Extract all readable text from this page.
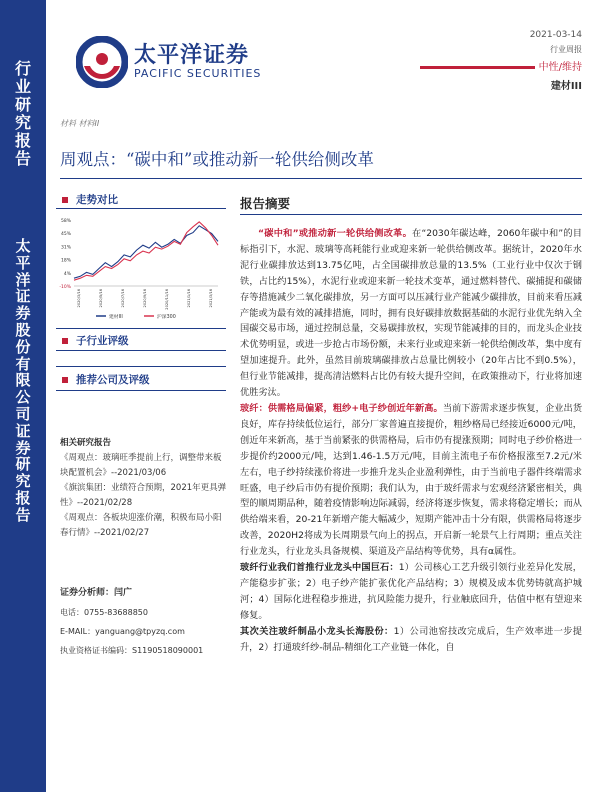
行
业
研
究
报
告
太
平
洋
证
券
股
份
有
限
公
司
证
券
研
究
报
告
太平洋证券
PACIFIC SECURITIES
2021-03-14
行业周报
中性/维持
建材III
材料 材料II
周观点：“碳中和”或推动新一轮供给侧改革
走势对比
58%
45%
31%
18%
4%
-10%
2020/3/16	2020/5/16	2020/7/16	2020/9/16	2020/11/16	2021/1/16	2021/3/16
建材III	沪深300
子行业评级
推荐公司及评级
相关研究报告
《周观点：玻璃旺季提前上行，调整带来板块配置机会》--2021/03/06
《旗滨集团：业绩符合预期，2021年更具弹性》--2021/02/28
《周观点：各板块迎涨价潮，积极布局小阳春行情》--2021/02/27
证券分析师：闫广
电话：0755-83688850
E-MAIL：yanguang@tpyzq.com
执业资格证书编码：S1190518090001
报告摘要

“碳中和”或推动新一轮供给侧改革。在“2030年碳达峰，2060年碳中和”的目标指引下，水泥、玻璃等高耗能行业或迎来新一轮供给侧改革。据统计，2020年水泥行业碳排放达到13.75亿吨，占全国碳排放总量的13.5%（工业行业中仅次于钢铁，占比约15%），水泥行业或迎来新一轮技术变革，通过燃料替代、碳捕捉和碳储存等措施减少二氧化碳排放，另一方面可以压减行业产能减少碳排放，目前来看压减产能或为最有效的减排措施，同时，拥有良好碳排放数据基础的水泥行业优先纳入全国碳交易市场，通过控制总量，交易碳排放权，实现节能减排的目的，而龙头企业技术优势明显，或进一步抢占市场份额，未来行业或迎来新一轮供给侧改革，集中度有望加速提升。此外，虽然目前玻璃碳排放占总量比例较小（20年占比不到0.5%），但行业节能减排，提高清洁燃料占比仍有较大提升空间，在政策推动下，行业将加速优胜劣汰。

玻纤：供需格局偏紧，粗纱+电子纱创近年新高。当前下游需求逐步恢复，企业出货良好，库存持续低位运行，部分厂家普遍直接提价，粗纱格局已经接近6000元/吨，创近年来新高，基于当前紧张的供需格局，后市仍有提涨预期；同时电子纱价格进一步提价约2000元/吨，达到1.46-1.5万元/吨，目前主流电子布价格报涨至7.2元/米左右，电子纱持续涨价将进一步推升龙头企业盈利弹性，由于当前电子器件终端需求旺盛，电子纱后市仍有提价预期；我们认为，由于玻纤需求与宏观经济紧密相关，典型的顺周期品种，随着疫情影响边际减弱，经济将逐步恢复，需求将稳定增长；而从供给端来看，20-21年新增产能大幅减少，短期产能冲击十分有限，供需格局将逐步改善，2020H2将成为长周期景气向上的拐点，开启新一轮景气上行周期；重点关注行业龙头，行业龙头具备规模、渠道及产品结构等优势，具有α属性。

玻纤行业我们首推行业龙头中国巨石：1）公司核心工艺升级引领行业差异化发展，产能稳步扩张；2）电子纱产能扩张优化产品结构；3）规模及成本优势铸就高护城河；4）国际化进程稳步推进，抗风险能力提升，行业触底回升，估值中枢有望迎来修复。

其次关注玻纤制品小龙头长海股份：1）公司池窑技改完成后，生产效率进一步提升，2）打通玻纤纱-制品-精细化工产业链一体化，自
